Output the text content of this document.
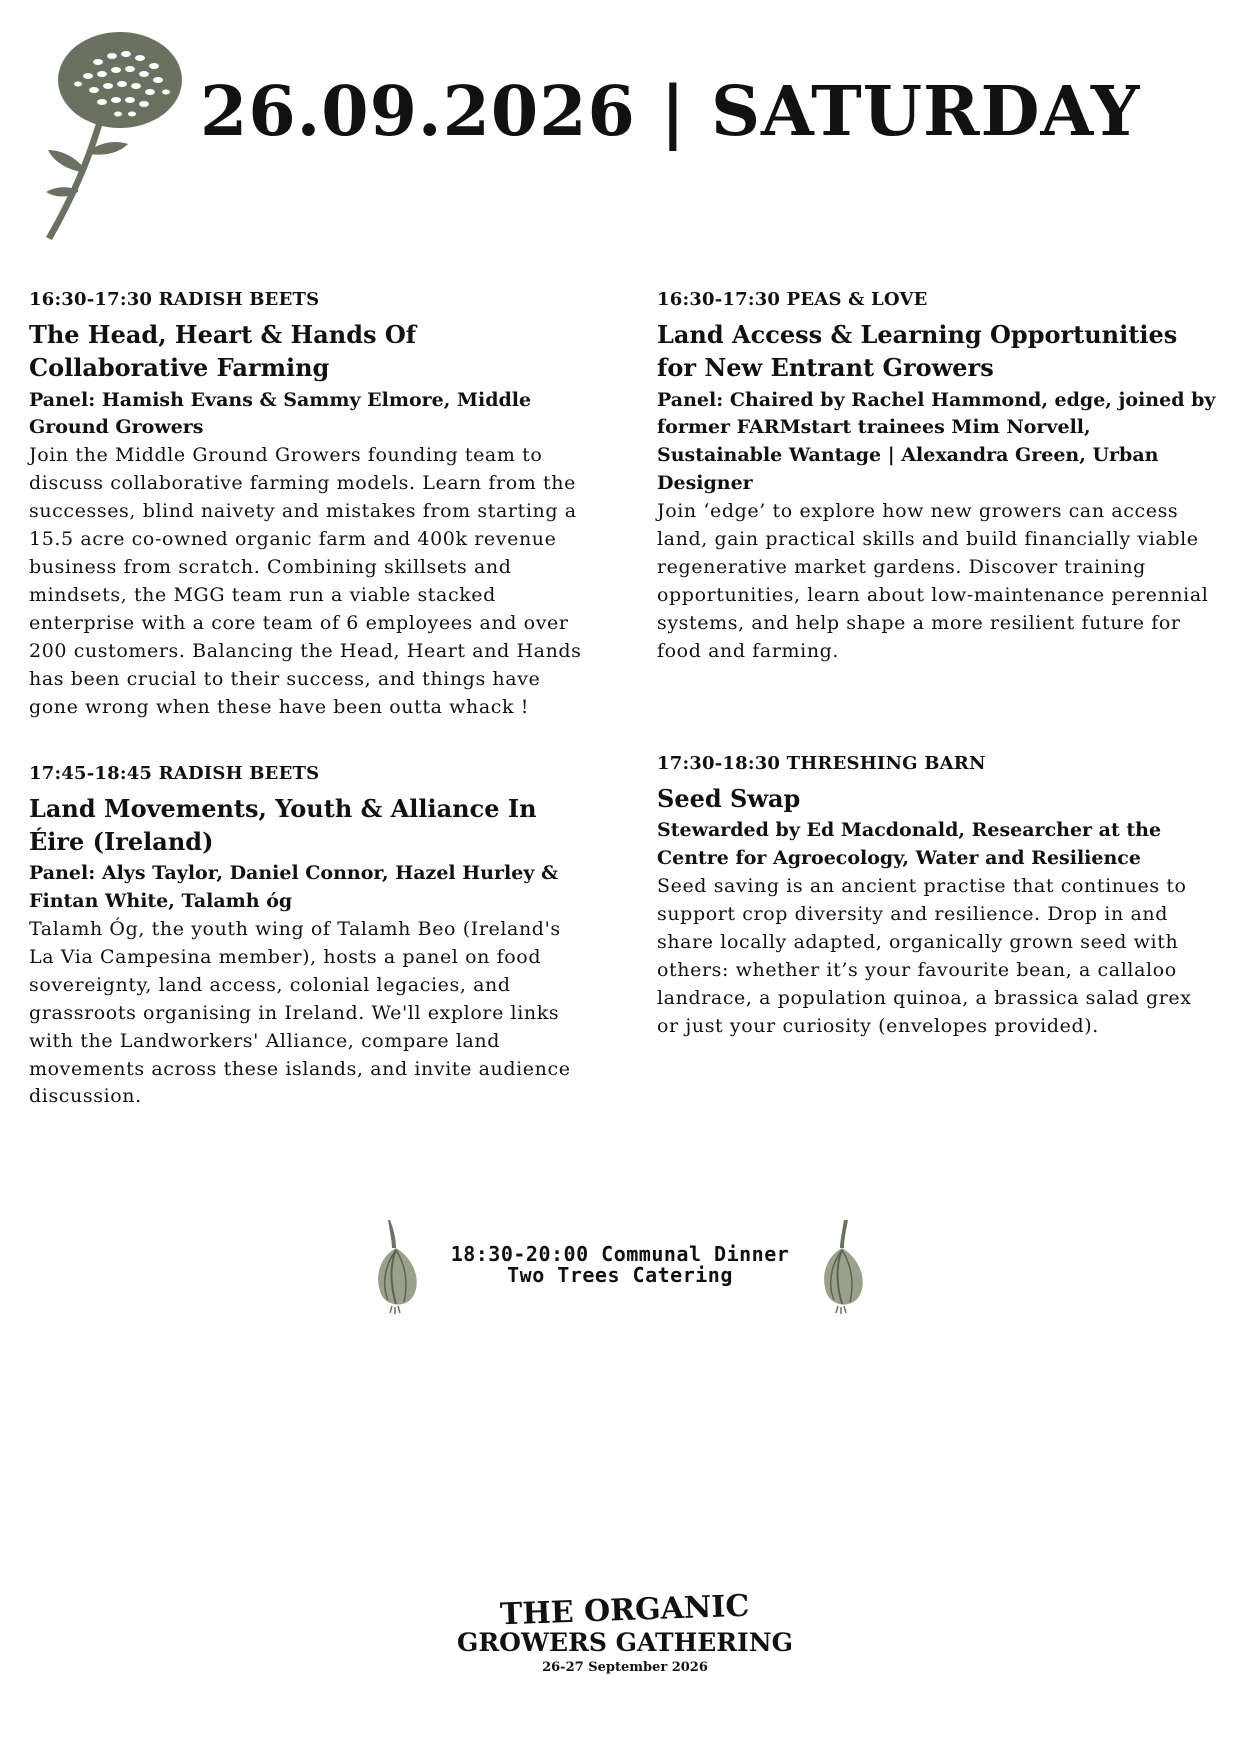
26.09.2026 | SATURDAY

16:30-17:30 RADISH BEETS

The Head, Heart & Hands Of Collaborative Farming

Panel: Hamish Evans & Sammy Elmore, Middle Ground Growers

Join the Middle Ground Growers founding team to discuss collaborative farming models. Learn from the successes, blind naivety and mistakes from starting a 15.5 acre co-owned organic farm and 400k revenue business from scratch. Combining skillsets and mindsets, the MGG team run a viable stacked enterprise with a core team of 6 employees and over 200 customers. Balancing the Head, Heart and Hands has been crucial to their success, and things have gone wrong when these have been outta whack !

17:45-18:45 RADISH BEETS

Land Movements, Youth & Alliance In Éire (Ireland)

Panel: Alys Taylor, Daniel Connor, Hazel Hurley & Fintan White, Talamh óg

Talamh Óg, the youth wing of Talamh Beo (Ireland's La Via Campesina member), hosts a panel on food sovereignty, land access, colonial legacies, and grassroots organising in Ireland. We'll explore links with the Landworkers' Alliance, compare land movements across these islands, and invite audience discussion.

16:30-17:30 PEAS & LOVE

Land Access & Learning Opportunities for New Entrant Growers

Panel: Chaired by Rachel Hammond, edge, joined by former FARMstart trainees Mim Norvell, Sustainable Wantage | Alexandra Green, Urban Designer

Join ‘edge’ to explore how new growers can access land, gain practical skills and build financially viable regenerative market gardens. Discover training opportunities, learn about low-maintenance perennial systems, and help shape a more resilient future for food and farming.

17:30-18:30 THRESHING BARN

Seed Swap

Stewarded by Ed Macdonald, Researcher at the Centre for Agroecology, Water and Resilience

Seed saving is an ancient practise that continues to support crop diversity and resilience. Drop in and share locally adapted, organically grown seed with others: whether it’s your favourite bean, a callaloo landrace, a population quinoa, a brassica salad grex or just your curiosity (envelopes provided).

18:30-20:00 Communal Dinner
Two Trees Catering
THE ORGANIC
GROWERS GATHERING
26-27 September 2026
